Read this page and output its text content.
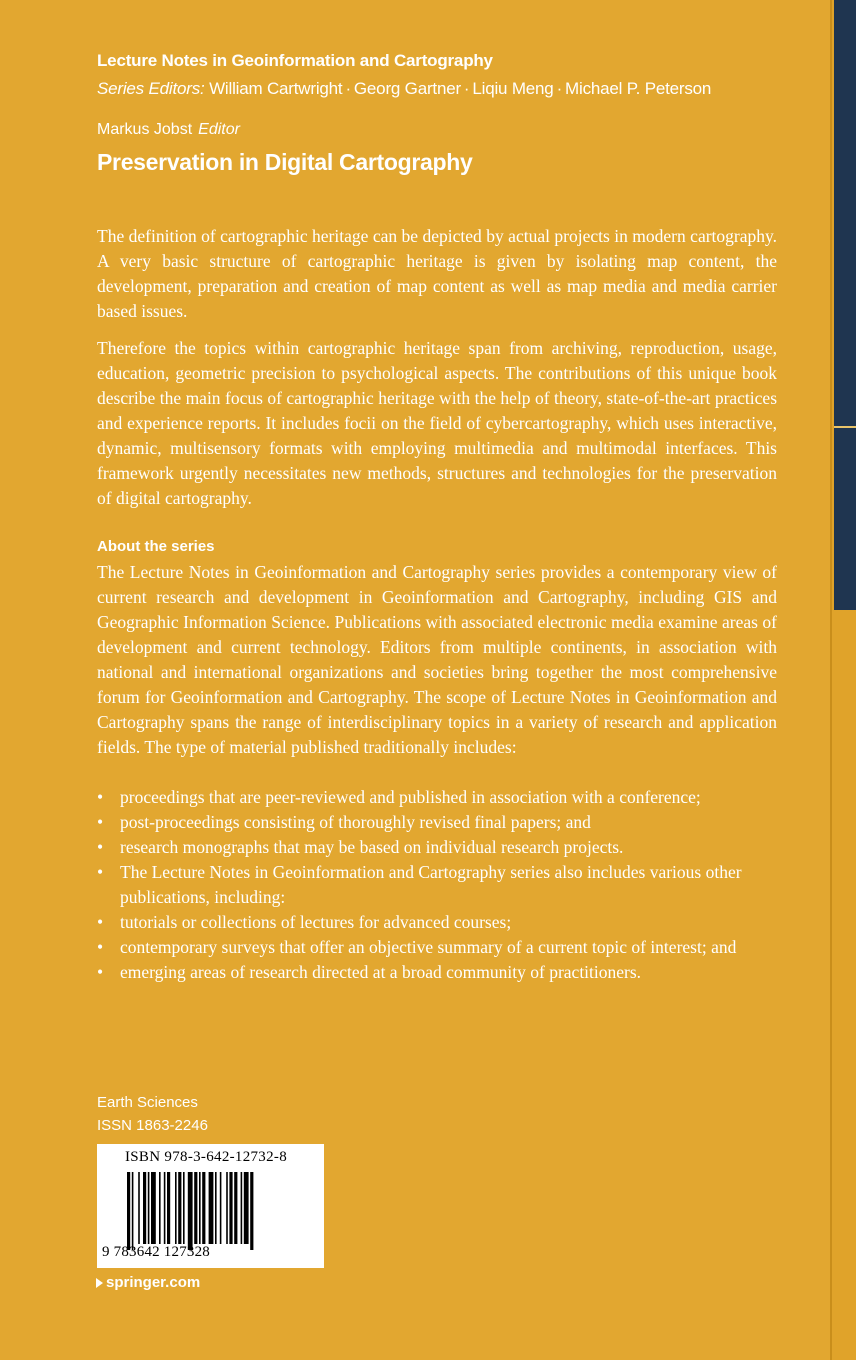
Lecture Notes in Geoinformation and Cartography
Series Editors: William Cartwright · Georg Gartner · Liqiu Meng · Michael P. Peterson
Markus Jobst Editor
Preservation in Digital Cartography

The definition of cartographic heritage can be depicted by actual projects in modern cartography. A very basic structure of cartographic heritage is given by isolating map content, the development, preparation and creation of map content as well as map media and media carrier based issues.

Therefore the topics within cartographic heritage span from archiving, reproduction, usage, education, geometric precision to psychological aspects. The contributions of this unique book describe the main focus of cartographic heritage with the help of theory, state-of-the-art practices and experience reports. It includes focii on the field of cybercartography, which uses interactive, dynamic, multisensory formats with employing multimedia and multimodal interfaces. This framework urgently necessitates new methods, structures and technologies for the preservation of digital cartography.

About the series

The Lecture Notes in Geoinformation and Cartography series provides a contemporary view of current research and development in Geoinformation and Cartography, including GIS and Geographic Information Science. Publications with associated electronic media examine areas of development and current technology. Editors from multiple continents, in association with national and international organizations and societies bring together the most comprehensive forum for Geoinformation and Cartography. The scope of Lecture Notes in Geoinformation and Cartography spans the range of interdisciplinary topics in a variety of research and application fields. The type of material published traditionally includes:

• proceedings that are peer-reviewed and published in association with a conference;
• post-proceedings consisting of thoroughly revised final papers; and
• research monographs that may be based on individual research projects.
• The Lecture Notes in Geoinformation and Cartography series also includes various other publications, including:
• tutorials or collections of lectures for advanced courses;
• contemporary surveys that offer an objective summary of a current topic of interest; and
• emerging areas of research directed at a broad community of practitioners.
Earth Sciences
ISSN 1863-2246
ISBN 978-3-642-12732-8
9 783642 127328
springer.com
